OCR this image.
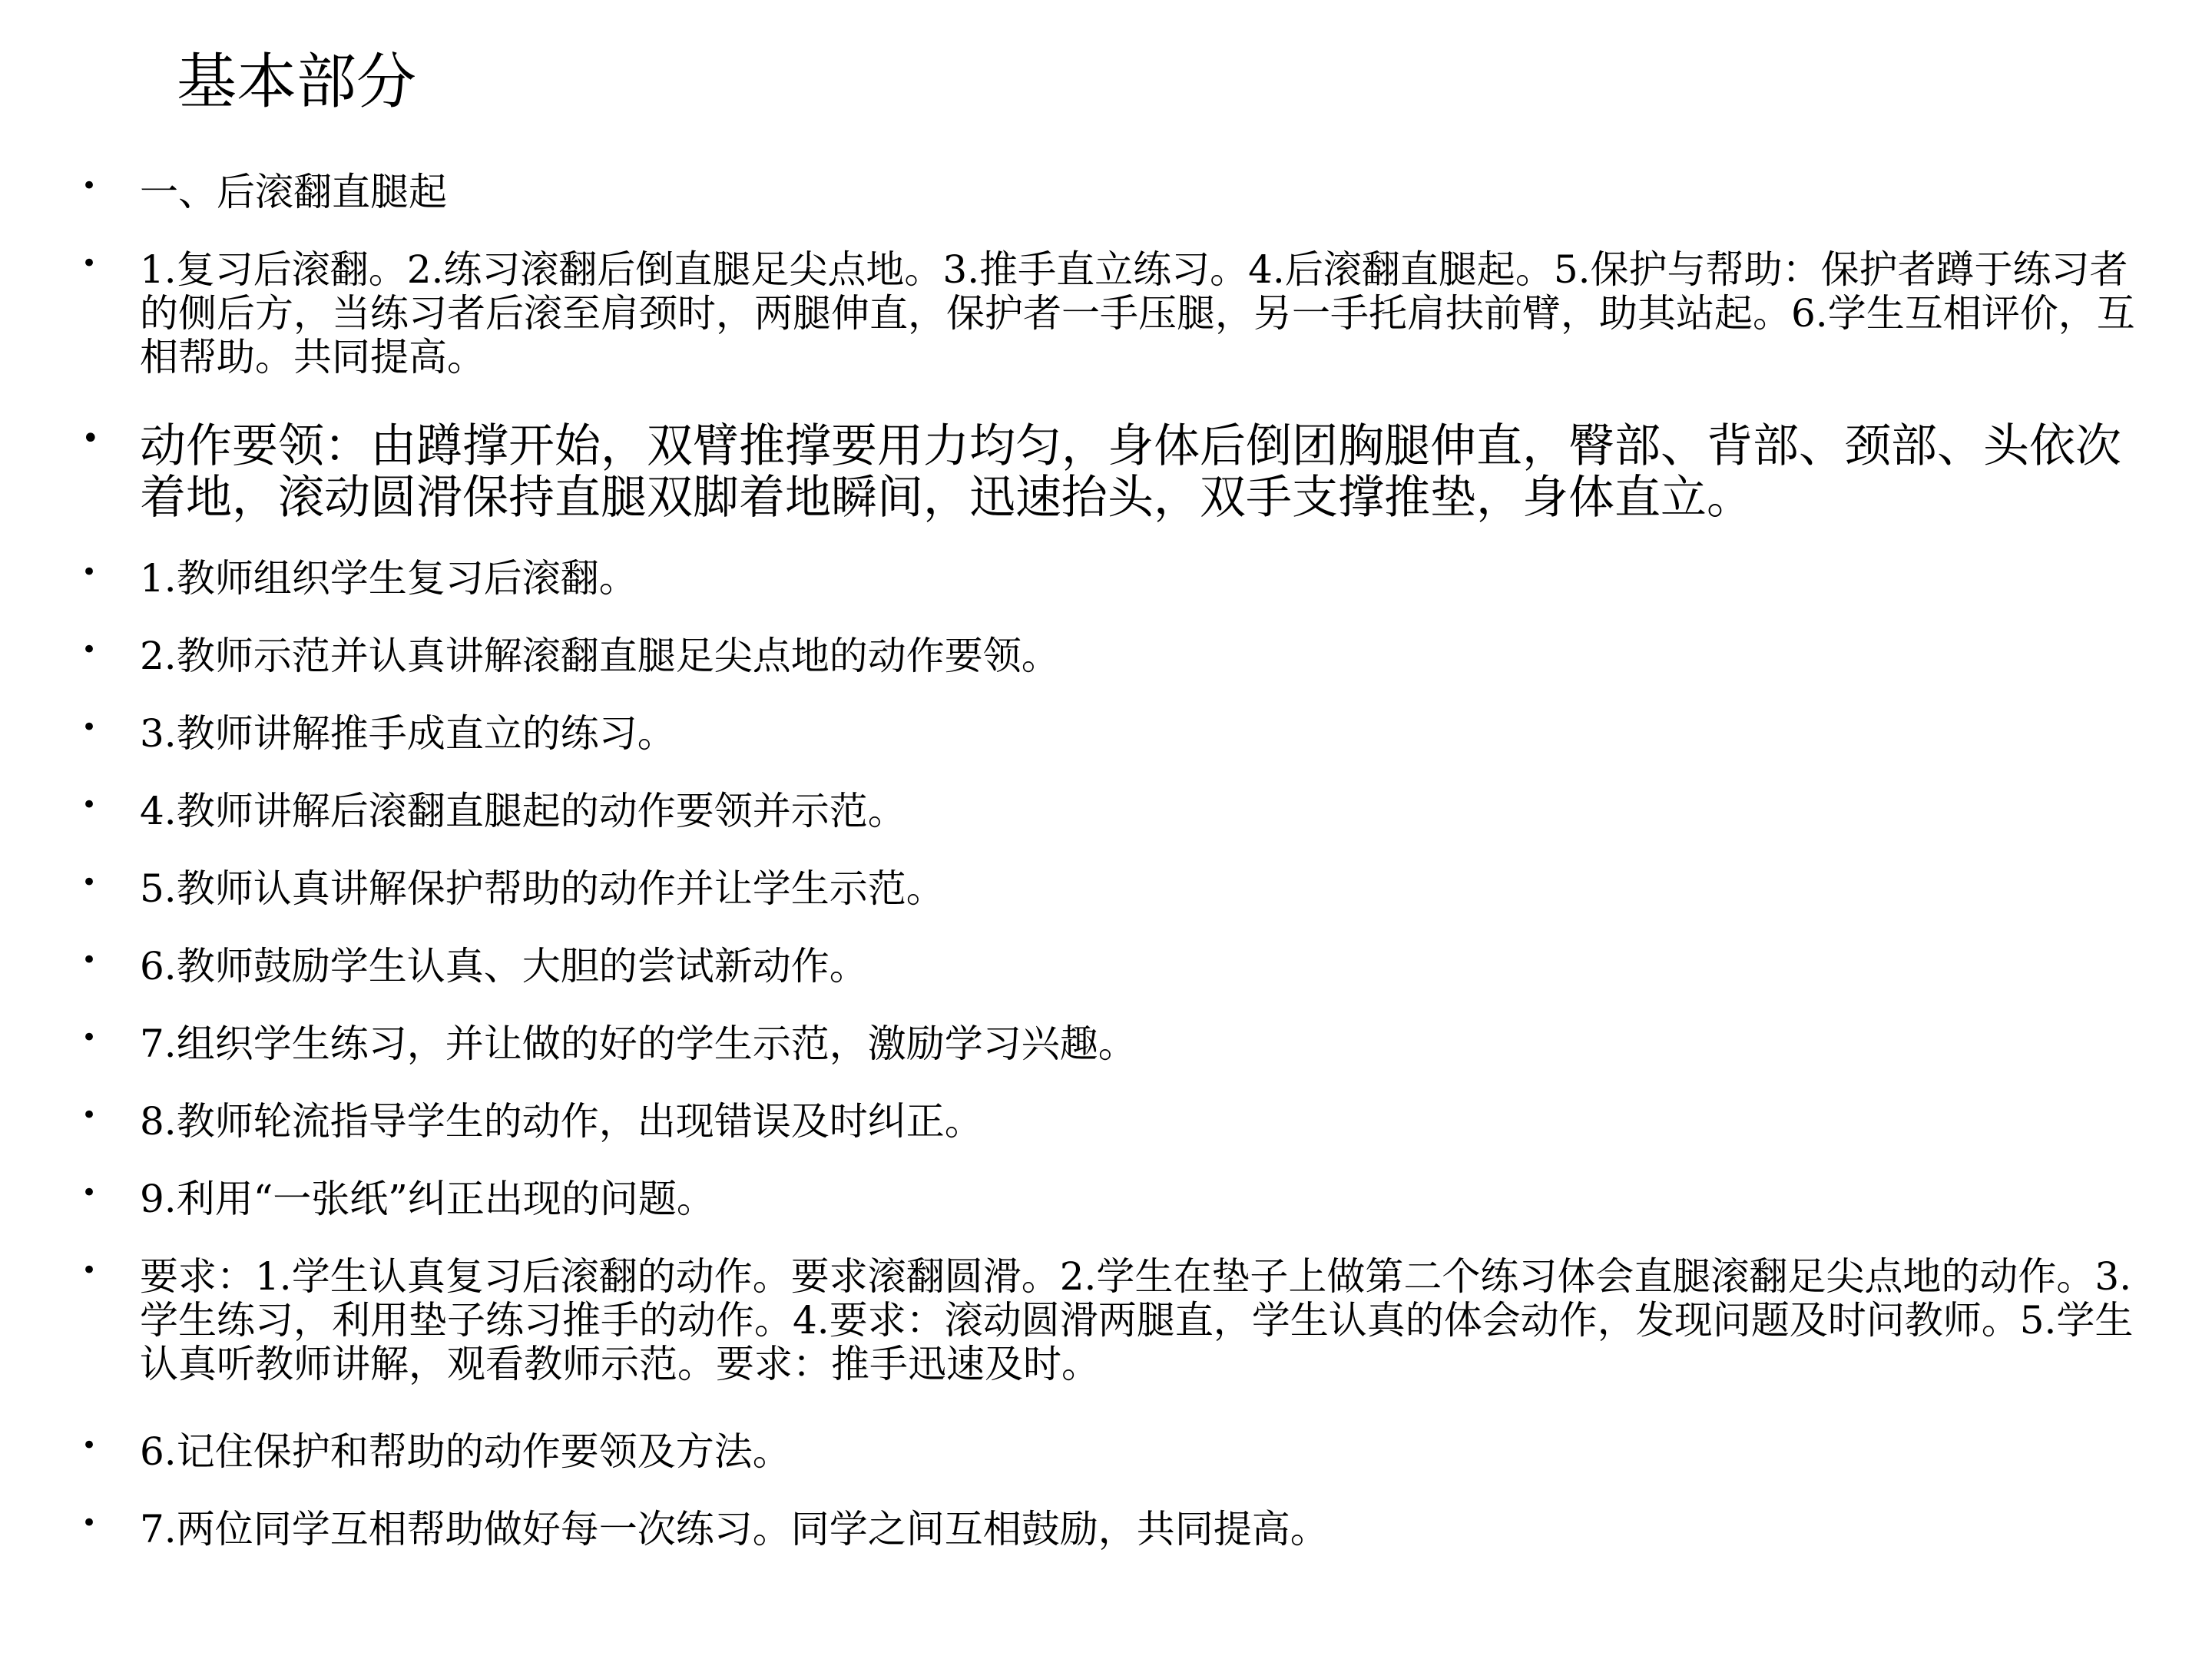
基本部分
•	一、后滚翻直腿起
•	1.复习后滚翻。2.练习滚翻后倒直腿足尖点地。3.推手直立练习。4.后滚翻直腿起。5.保护与帮助：保护者蹲于练习者的侧后方，当练习者后滚至肩颈时，两腿伸直，保护者一手压腿，另一手托肩扶前臂，助其站起。6.学生互相评价，互相帮助。共同提高。
• 动作要领：由蹲撑开始，双臂推撑要用力均匀，身体后倒团胸腿伸直，臀部、背部、颈部、头依次着地，滚动圆滑保持直腿双脚着地瞬间，迅速抬头，双手支撑推垫，身体直立。
•	1.教师组织学生复习后滚翻。
•	2.教师示范并认真讲解滚翻直腿足尖点地的动作要领。
•	3.教师讲解推手成直立的练习。
•	4.教师讲解后滚翻直腿起的动作要领并示范。
•	5.教师认真讲解保护帮助的动作并让学生示范。
•	6.教师鼓励学生认真、大胆的尝试新动作。
•	7.组织学生练习，并让做的好的学生示范，激励学习兴趣。
•	8.教师轮流指导学生的动作，出现错误及时纠正。
•	9.利用“一张纸”纠正出现的问题。
•	要求：1.学生认真复习后滚翻的动作。要求滚翻圆滑。2.学生在垫子上做第二个练习体会直腿滚翻足尖点地的动作。3.学生练习，利用垫子练习推手的动作。4.要求：滚动圆滑两腿直，学生认真的体会动作，发现问题及时问教师。5.学生认真听教师讲解，观看教师示范。要求：推手迅速及时。
•	6.记住保护和帮助的动作要领及方法。
•	7.两位同学互相帮助做好每一次练习。同学之间互相鼓励，共同提高。
